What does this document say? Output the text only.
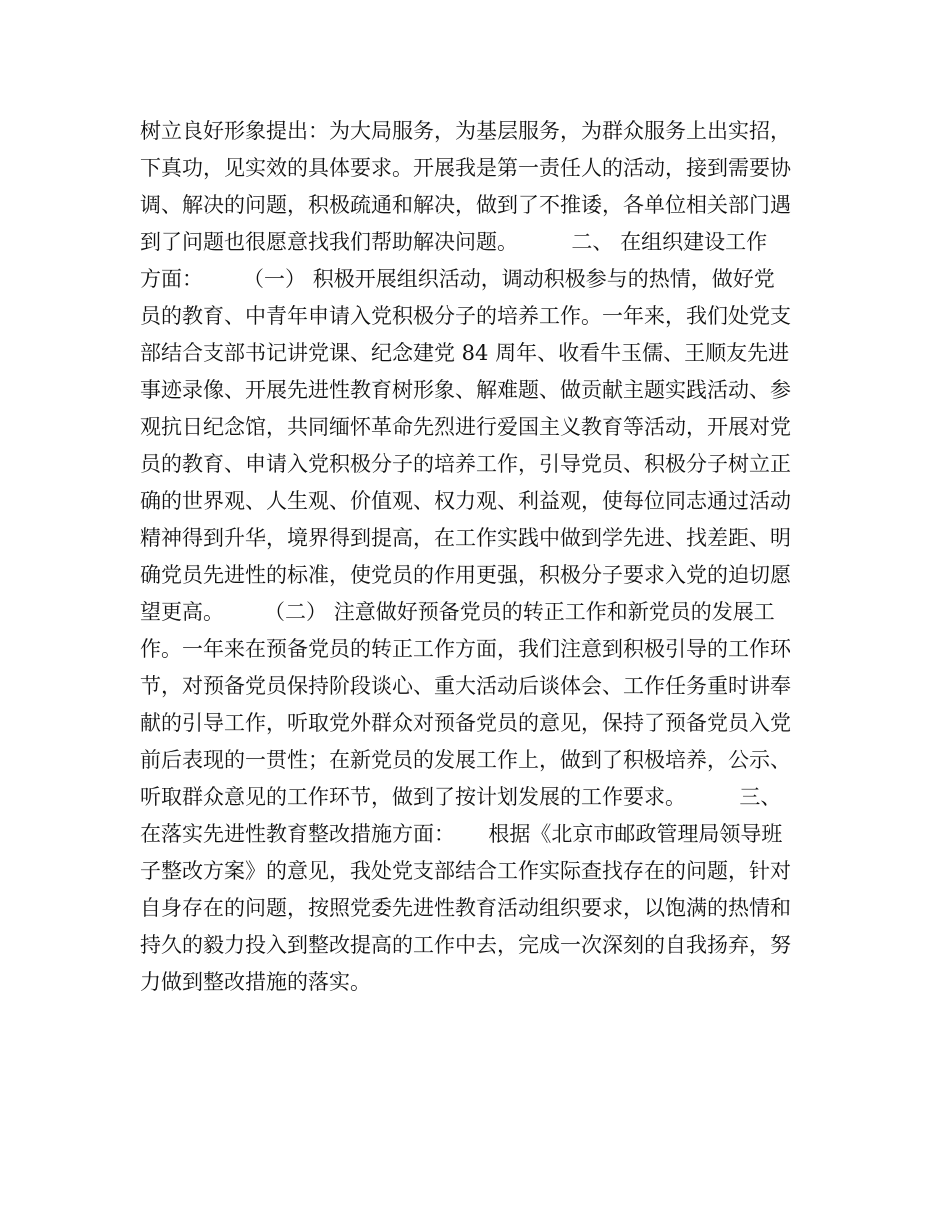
树立良好形象提出：为大局服务，为基层服务，为群众服务上出实招，
下真功，见实效的具体要求。开展我是第一责任人的活动，接到需要协
调、解决的问题，积极疏通和解决，做到了不推诿，各单位相关部门遇
到了问题也很愿意找我们帮助解决问题。        二、 在组织建设工作
方面：      （一） 积极开展组织活动，调动积极参与的热情，做好党
员的教育、中青年申请入党积极分子的培养工作。一年来，我们处党支
部结合支部书记讲党课、纪念建党 84 周年、收看牛玉儒、王顺友先进
事迹录像、开展先进性教育树形象、解难题、做贡献主题实践活动、参
观抗日纪念馆，共同缅怀革命先烈进行爱国主义教育等活动，开展对党
员的教育、申请入党积极分子的培养工作，引导党员、积极分子树立正
确的世界观、人生观、价值观、权力观、利益观，使每位同志通过活动
精神得到升华，境界得到提高，在工作实践中做到学先进、找差距、明
确党员先进性的标准，使党员的作用更强，积极分子要求入党的迫切愿
望更高。      （二） 注意做好预备党员的转正工作和新党员的发展工
作。一年来在预备党员的转正工作方面，我们注意到积极引导的工作环
节，对预备党员保持阶段谈心、重大活动后谈体会、工作任务重时讲奉
献的引导工作，听取党外群众对预备党员的意见，保持了预备党员入党
前后表现的一贯性；在新党员的发展工作上，做到了积极培养，公示、
听取群众意见的工作环节，做到了按计划发展的工作要求。        三、
在落实先进性教育整改措施方面：     根据《北京市邮政管理局领导班
子整改方案》的意见，我处党支部结合工作实际查找存在的问题，针对
自身存在的问题，按照党委先进性教育活动组织要求，以饱满的热情和
持久的毅力投入到整改提高的工作中去，完成一次深刻的自我扬弃，努
力做到整改措施的落实。
